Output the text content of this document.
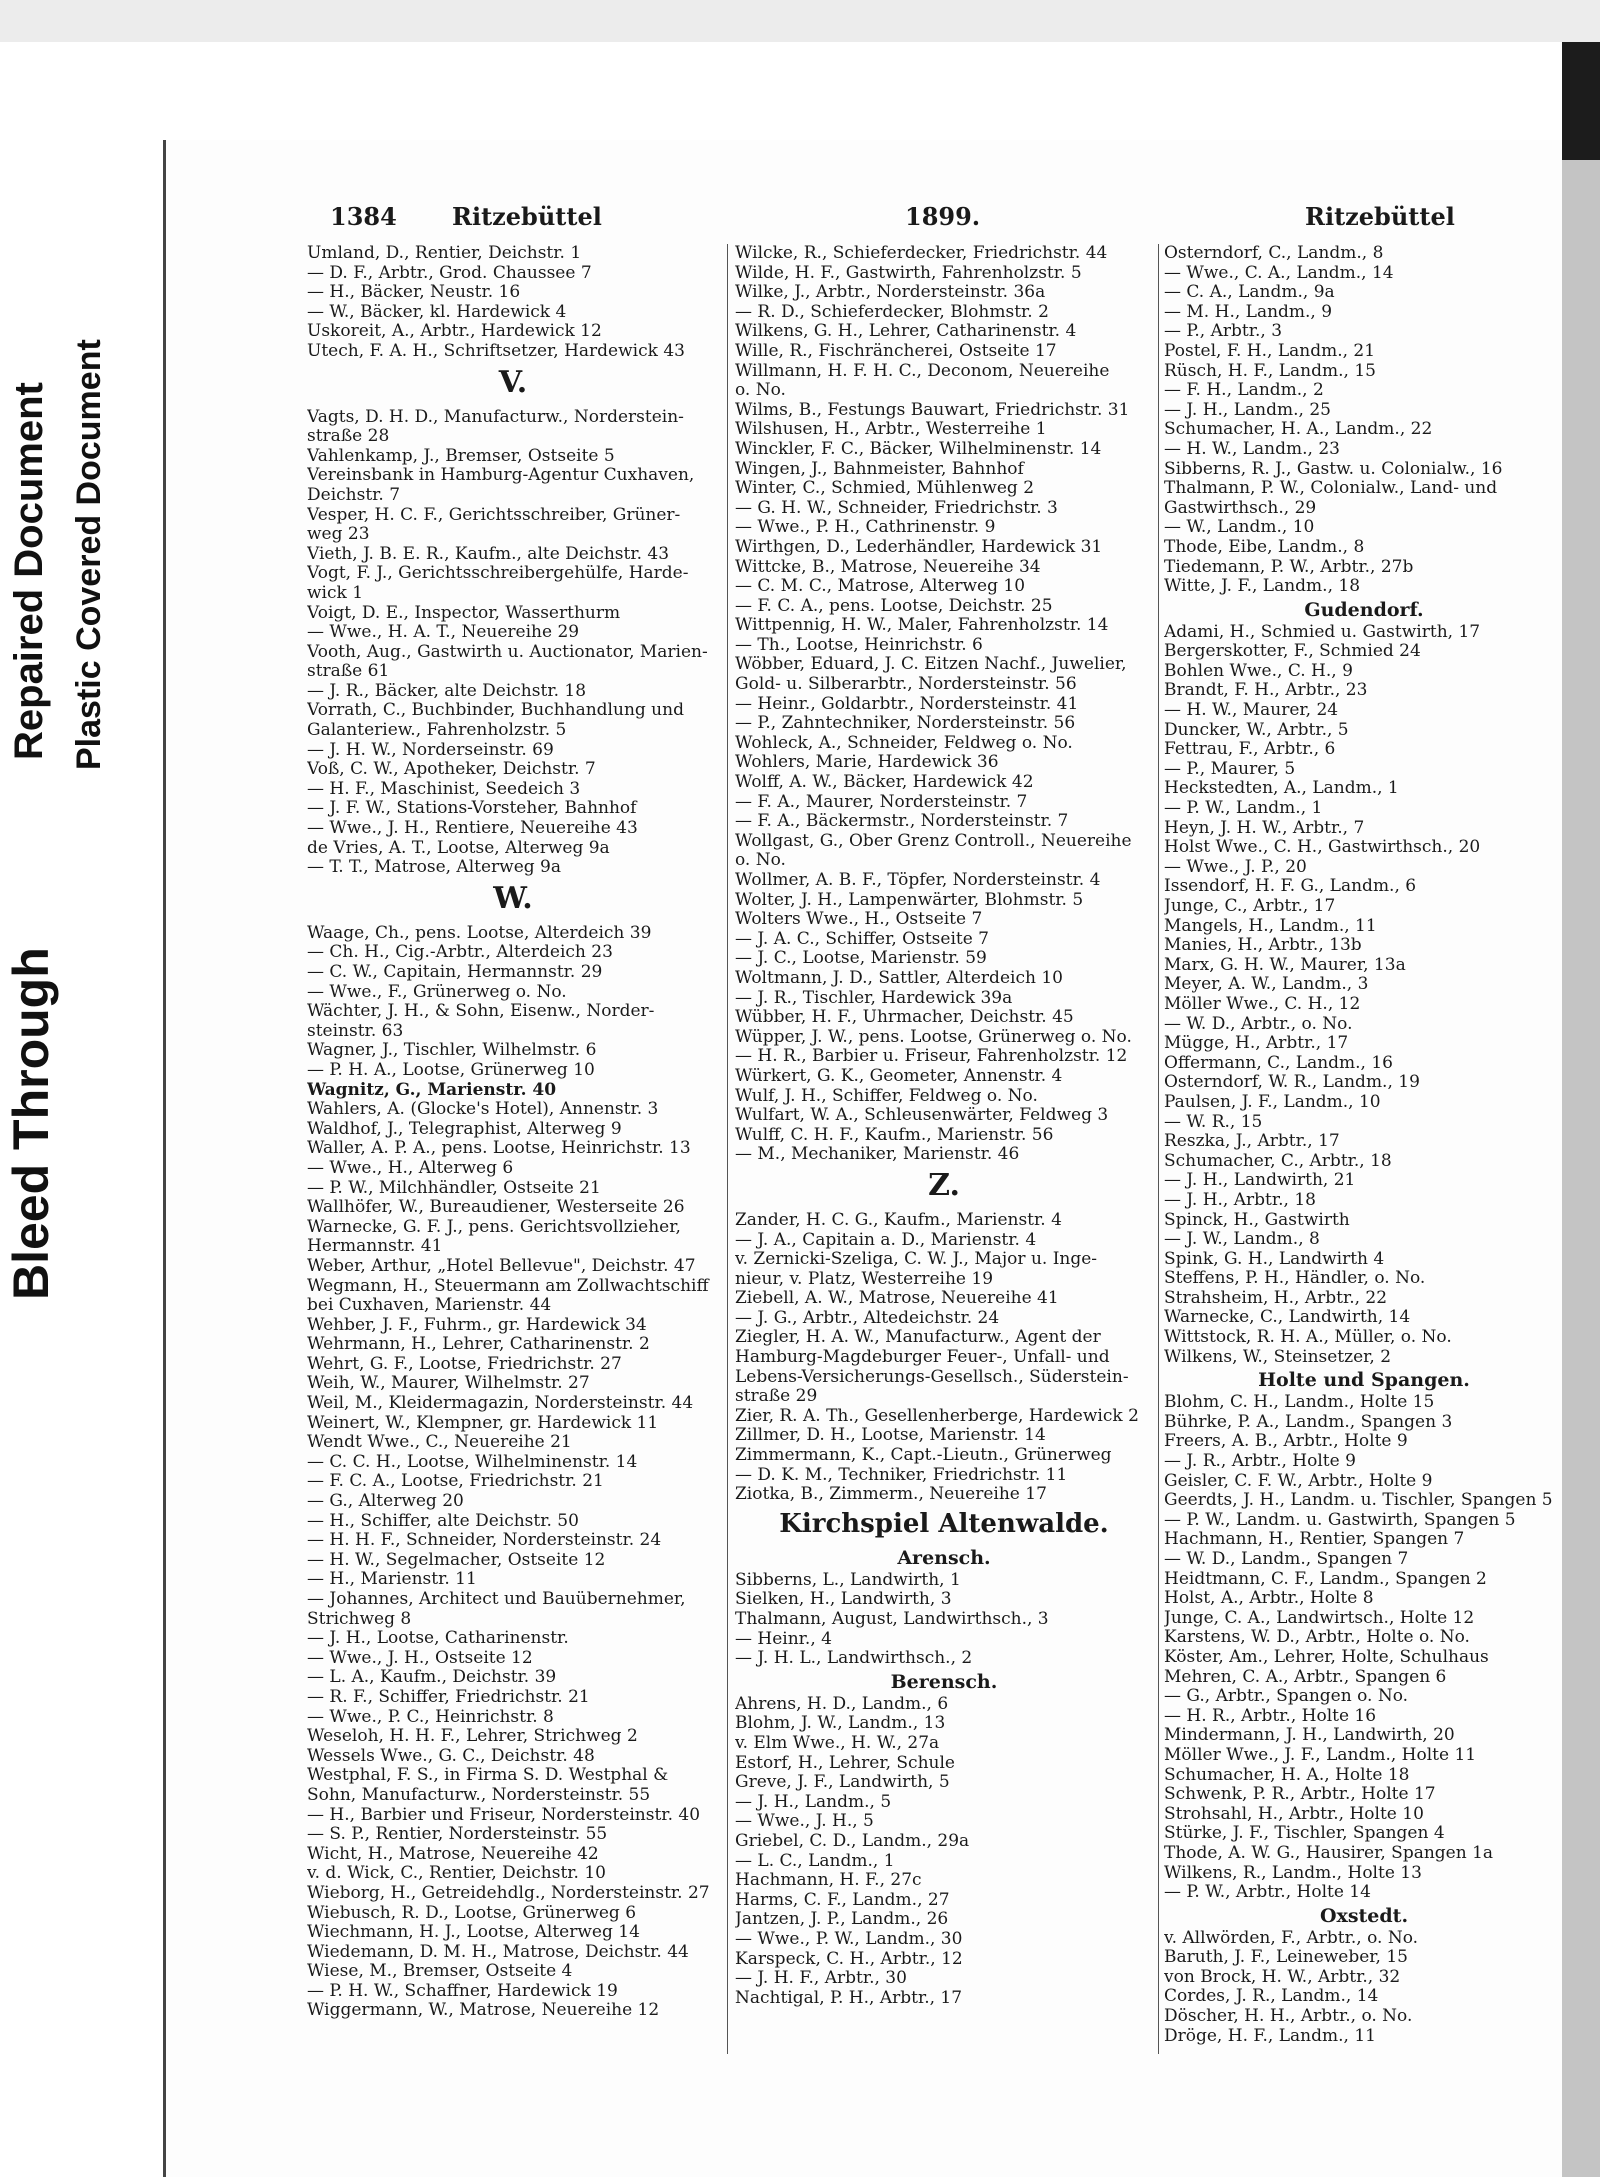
Bleed Through
Repaired Document Plastic Covered Document
1384 Ritzebüttel	1899.	Ritzebüttel
Umland, D., Rentier, Deichstr. 1
— D. F., Arbtr., Grod. Chaussee 7
— H., Bäcker, Neustr. 16
— W., Bäcker, kl. Hardewick 4
Uskoreit, A., Arbtr., Hardewick 12
Utech, F. A. H., Schriftsetzer, Hardewick 43
V.
Vagts, D. H. D., Manufacturw., Norderstein-
straße 28
Vahlenkamp, J., Bremser, Ostseite 5
Vereinsbank in Hamburg-Agentur Cuxhaven,
Deichstr. 7
Vesper, H. C. F., Gerichtsschreiber, Grüner-
weg 23
Vieth, J. B. E. R., Kaufm., alte Deichstr. 43
Vogt, F. J., Gerichtsschreibergehülfe, Harde-
wick 1
Voigt, D. E., Inspector, Wasserthurm
— Wwe., H. A. T., Neuereihe 29
Vooth, Aug., Gastwirth u. Auctionator, Marien-
straße 61
— J. R., Bäcker, alte Deichstr. 18
Vorrath, C., Buchbinder, Buchhandlung und
Galanteriew., Fahrenholzstr. 5
— J. H. W., Norderseinstr. 69
Voß, C. W., Apotheker, Deichstr. 7
— H. F., Maschinist, Seedeich 3
— J. F. W., Stations-Vorsteher, Bahnhof
— Wwe., J. H., Rentiere, Neuereihe 43
de Vries, A. T., Lootse, Alterweg 9a
— T. T., Matrose, Alterweg 9a
W.
Waage, Ch., pens. Lootse, Alterdeich 39
— Ch. H., Cig.-Arbtr., Alterdeich 23
— C. W., Capitain, Hermannstr. 29
— Wwe., F., Grünerweg o. No.
Wächter, J. H., & Sohn, Eisenw., Norder-
steinstr. 63
Wagner, J., Tischler, Wilhelmstr. 6
— P. H. A., Lootse, Grünerweg 10
Wagnitz, G., Marienstr. 40
Wahlers, A. (Glocke's Hotel), Annenstr. 3
Waldhof, J., Telegraphist, Alterweg 9
Waller, A. P. A., pens. Lootse, Heinrichstr. 13
— Wwe., H., Alterweg 6
— P. W., Milchhändler, Ostseite 21
Wallhöfer, W., Bureaudiener, Westerseite 26
Warnecke, G. F. J., pens. Gerichtsvollzieher,
Hermannstr. 41
Weber, Arthur, „Hotel Bellevue", Deichstr. 47
Wegmann, H., Steuermann am Zollwachtschiff
bei Cuxhaven, Marienstr. 44
Wehber, J. F., Fuhrm., gr. Hardewick 34
Wehrmann, H., Lehrer, Catharinenstr. 2
Wehrt, G. F., Lootse, Friedrichstr. 27
Weih, W., Maurer, Wilhelmstr. 27
Weil, M., Kleidermagazin, Nordersteinstr. 44
Weinert, W., Klempner, gr. Hardewick 11
Wendt Wwe., C., Neuereihe 21
— C. C. H., Lootse, Wilhelminenstr. 14
— F. C. A., Lootse, Friedrichstr. 21
— G., Alterweg 20
— H., Schiffer, alte Deichstr. 50
— H. H. F., Schneider, Nordersteinstr. 24
— H. W., Segelmacher, Ostseite 12
— H., Marienstr. 11
— Johannes, Architect und Bauübernehmer,
Strichweg 8
— J. H., Lootse, Catharinenstr.
— Wwe., J. H., Ostseite 12
— L. A., Kaufm., Deichstr. 39
— R. F., Schiffer, Friedrichstr. 21
— Wwe., P. C., Heinrichstr. 8
Weseloh, H. H. F., Lehrer, Strichweg 2
Wessels Wwe., G. C., Deichstr. 48
Westphal, F. S., in Firma S. D. Westphal &
Sohn, Manufacturw., Nordersteinstr. 55
— H., Barbier und Friseur, Nordersteinstr. 40
— S. P., Rentier, Nordersteinstr. 55
Wicht, H., Matrose, Neuereihe 42
v. d. Wick, C., Rentier, Deichstr. 10
Wieborg, H., Getreidehdlg., Nordersteinstr. 27
Wiebusch, R. D., Lootse, Grünerweg 6
Wiechmann, H. J., Lootse, Alterweg 14
Wiedemann, D. M. H., Matrose, Deichstr. 44
Wiese, M., Bremser, Ostseite 4
— P. H. W., Schaffner, Hardewick 19
Wiggermann, W., Matrose, Neuereihe 12
Wilcke, R., Schieferdecker, Friedrichstr. 44
Wilde, H. F., Gastwirth, Fahrenholzstr. 5
Wilke, J., Arbtr., Nordersteinstr. 36a
— R. D., Schieferdecker, Blohmstr. 2
Wilkens, G. H., Lehrer, Catharinenstr. 4
Wille, R., Fischräncherei, Ostseite 17
Willmann, H. F. H. C., Deconom, Neuereihe
o. No.
Wilms, B., Festungs Bauwart, Friedrichstr. 31
Wilshusen, H., Arbtr., Westerreihe 1
Winckler, F. C., Bäcker, Wilhelminenstr. 14
Wingen, J., Bahnmeister, Bahnhof
Winter, C., Schmied, Mühlenweg 2
— G. H. W., Schneider, Friedrichstr. 3
— Wwe., P. H., Cathrinenstr. 9
Wirthgen, D., Lederhändler, Hardewick 31
Wittcke, B., Matrose, Neuereihe 34
— C. M. C., Matrose, Alterweg 10
— F. C. A., pens. Lootse, Deichstr. 25
Wittpennig, H. W., Maler, Fahrenholzstr. 14
— Th., Lootse, Heinrichstr. 6
Wöbber, Eduard, J. C. Eitzen Nachf., Juwelier,
Gold- u. Silberarbtr., Nordersteinstr. 56
— Heinr., Goldarbtr., Nordersteinstr. 41
— P., Zahntechniker, Nordersteinstr. 56
Wohleck, A., Schneider, Feldweg o. No.
Wohlers, Marie, Hardewick 36
Wolff, A. W., Bäcker, Hardewick 42
— F. A., Maurer, Nordersteinstr. 7
— F. A., Bäckermstr., Nordersteinstr. 7
Wollgast, G., Ober Grenz Controll., Neuereihe
o. No.
Wollmer, A. B. F., Töpfer, Nordersteinstr. 4
Wolter, J. H., Lampenwärter, Blohmstr. 5
Wolters Wwe., H., Ostseite 7
— J. A. C., Schiffer, Ostseite 7
— J. C., Lootse, Marienstr. 59
Woltmann, J. D., Sattler, Alterdeich 10
— J. R., Tischler, Hardewick 39a
Wübber, H. F., Uhrmacher, Deichstr. 45
Wüpper, J. W., pens. Lootse, Grünerweg o. No.
— H. R., Barbier u. Friseur, Fahrenholzstr. 12
Würkert, G. K., Geometer, Annenstr. 4
Wulf, J. H., Schiffer, Feldweg o. No.
Wulfart, W. A., Schleusenwärter, Feldweg 3
Wulff, C. H. F., Kaufm., Marienstr. 56
— M., Mechaniker, Marienstr. 46
Z.
Zander, H. C. G., Kaufm., Marienstr. 4
— J. A., Capitain a. D., Marienstr. 4
v. Zernicki-Szeliga, C. W. J., Major u. Inge-
nieur, v. Platz, Westerreihe 19
Ziebell, A. W., Matrose, Neuereihe 41
— J. G., Arbtr., Altedeichstr. 24
Ziegler, H. A. W., Manufacturw., Agent der
Hamburg-Magdeburger Feuer-, Unfall- und
Lebens-Versicherungs-Gesellsch., Süderstein-
straße 29
Zier, R. A. Th., Gesellenherberge, Hardewick 2
Zillmer, D. H., Lootse, Marienstr. 14
Zimmermann, K., Capt.-Lieutn., Grünerweg
— D. K. M., Techniker, Friedrichstr. 11
Ziotka, B., Zimmerm., Neuereihe 17
Kirchspiel Altenwalde.
Arensch.
Sibberns, L., Landwirth, 1
Sielken, H., Landwirth, 3
Thalmann, August, Landwirthsch., 3
— Heinr., 4
— J. H. L., Landwirthsch., 2
Berensch.
Ahrens, H. D., Landm., 6
Blohm, J. W., Landm., 13
v. Elm Wwe., H. W., 27a
Estorf, H., Lehrer, Schule
Greve, J. F., Landwirth, 5
— J. H., Landm., 5
— Wwe., J. H., 5
Griebel, C. D., Landm., 29a
— L. C., Landm., 1
Hachmann, H. F., 27c
Harms, C. F., Landm., 27
Jantzen, J. P., Landm., 26
— Wwe., P. W., Landm., 30
Karspeck, C. H., Arbtr., 12
— J. H. F., Arbtr., 30
Nachtigal, P. H., Arbtr., 17
Osterndorf, C., Landm., 8
— Wwe., C. A., Landm., 14
— C. A., Landm., 9a
— M. H., Landm., 9
— P., Arbtr., 3
Postel, F. H., Landm., 21
Rüsch, H. F., Landm., 15
— F. H., Landm., 2
— J. H., Landm., 25
Schumacher, H. A., Landm., 22
— H. W., Landm., 23
Sibberns, R. J., Gastw. u. Colonialw., 16
Thalmann, P. W., Colonialw., Land- und
Gastwirthsch., 29
— W., Landm., 10
Thode, Eibe, Landm., 8
Tiedemann, P. W., Arbtr., 27b
Witte, J. F., Landm., 18
Gudendorf.
Adami, H., Schmied u. Gastwirth, 17
Bergerskotter, F., Schmied 24
Bohlen Wwe., C. H., 9
Brandt, F. H., Arbtr., 23
— H. W., Maurer, 24
Duncker, W., Arbtr., 5
Fettrau, F., Arbtr., 6
— P., Maurer, 5
Heckstedten, A., Landm., 1
— P. W., Landm., 1
Heyn, J. H. W., Arbtr., 7
Holst Wwe., C. H., Gastwirthsch., 20
— Wwe., J. P., 20
Issendorf, H. F. G., Landm., 6
Junge, C., Arbtr., 17
Mangels, H., Landm., 11
Manies, H., Arbtr., 13b
Marx, G. H. W., Maurer, 13a
Meyer, A. W., Landm., 3
Möller Wwe., C. H., 12
— W. D., Arbtr., o. No.
Mügge, H., Arbtr., 17
Offermann, C., Landm., 16
Osterndorf, W. R., Landm., 19
Paulsen, J. F., Landm., 10
— W. R., 15
Reszka, J., Arbtr., 17
Schumacher, C., Arbtr., 18
— J. H., Landwirth, 21
— J. H., Arbtr., 18
Spinck, H., Gastwirth
— J. W., Landm., 8
Spink, G. H., Landwirth 4
Steffens, P. H., Händler, o. No.
Strahsheim, H., Arbtr., 22
Warnecke, C., Landwirth, 14
Wittstock, R. H. A., Müller, o. No.
Wilkens, W., Steinsetzer, 2
Holte und Spangen.
Blohm, C. H., Landm., Holte 15
Bührke, P. A., Landm., Spangen 3
Freers, A. B., Arbtr., Holte 9
— J. R., Arbtr., Holte 9
Geisler, C. F. W., Arbtr., Holte 9
Geerdts, J. H., Landm. u. Tischler, Spangen 5
— P. W., Landm. u. Gastwirth, Spangen 5
Hachmann, H., Rentier, Spangen 7
— W. D., Landm., Spangen 7
Heidtmann, C. F., Landm., Spangen 2
Holst, A., Arbtr., Holte 8
Junge, C. A., Landwirtsch., Holte 12
Karstens, W. D., Arbtr., Holte o. No.
Köster, Am., Lehrer, Holte, Schulhaus
Mehren, C. A., Arbtr., Spangen 6
— G., Arbtr., Spangen o. No.
— H. R., Arbtr., Holte 16
Mindermann, J. H., Landwirth, 20
Möller Wwe., J. F., Landm., Holte 11
Schumacher, H. A., Holte 18
Schwenk, P. R., Arbtr., Holte 17
Strohsahl, H., Arbtr., Holte 10
Stürke, J. F., Tischler, Spangen 4
Thode, A. W. G., Hausirer, Spangen 1a
Wilkens, R., Landm., Holte 13
— P. W., Arbtr., Holte 14
Oxstedt.
v. Allwörden, F., Arbtr., o. No.
Baruth, J. F., Leineweber, 15
von Brock, H. W., Arbtr., 32
Cordes, J. R., Landm., 14
Döscher, H. H., Arbtr., o. No.
Dröge, H. F., Landm., 11
